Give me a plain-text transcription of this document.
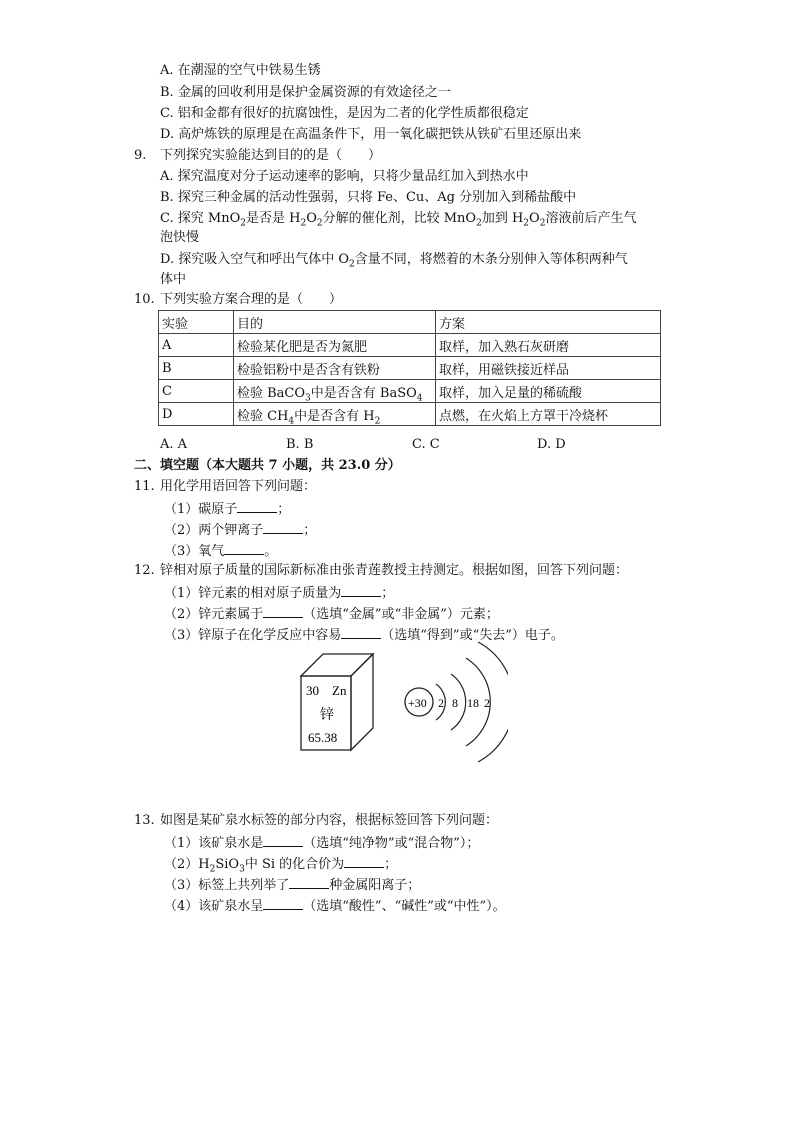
A. 在潮湿的空气中铁易生锈
B. 金属的回收利用是保护金属资源的有效途径之一
C. 铝和金都有很好的抗腐蚀性，是因为二者的化学性质都很稳定
D. 高炉炼铁的原理是在高温条件下，用一氧化碳把铁从铁矿石里还原出来
9. 下列探究实验能达到目的的是（　　）
A. 探究温度对分子运动速率的影响，只将少量品红加入到热水中
B. 探究三种金属的活动性强弱，只将 Fe、Cu、Ag 分别加入到稀盐酸中
C. 探究 MnO$_2$是否是 $H_2O_2$分解的催化剂，比较 MnO$_2$加到 $H_2O_2$溶液前后产生气
泡快慢
D. 探究吸入空气和呼出气体中 $O_2$含量不同，将燃着的木条分别伸入等体积两种气
体中
10. 下列实验方案合理的是（　　）
实验	目的	方案
A	检验某化肥是否为氮肥	取样，加入熟石灰研磨
B	检验铝粉中是否含有铁粉	取样，用磁铁接近样品
C	检验 BaCO$_3$中是否含有 BaSO$_4$	取样，加入足量的稀硫酸
D	检验 $CH_4$中是否含有 $H_2$	点燃，在火焰上方罩干冷烧杯
A. A	B. B	C. C	D. D
二、填空题（本大题共 7 小题，共 23.0 分）
11. 用化学用语回答下列问题：
（1）碳原子	；
（2）两个钾离子	；
（3）氧气	。
12. 锌相对原子质量的国际新标准由张青莲教授主持测定。根据如图，回答下列问题：
（1）锌元素的相对原子质量为	；
（2）锌元素属于	（选填“金属”或“非金属”）元素；
（3）锌原子在化学反应中容易	（选填“得到”或“失去”）电子。
30 Zn
锌
65.38
+30 2 8 18 2
13. 如图是某矿泉水标签的部分内容，根据标签回答下列问题：
（1）该矿泉水是	（选填“纯净物”或“混合物”）；
$(2)H_2SiO_3$中 Si 的化合价为	；
（3）标签上共列举了	种金属阳离子；
（4）该矿泉水呈	（选填“酸性”、“碱性”或“中性”）。
